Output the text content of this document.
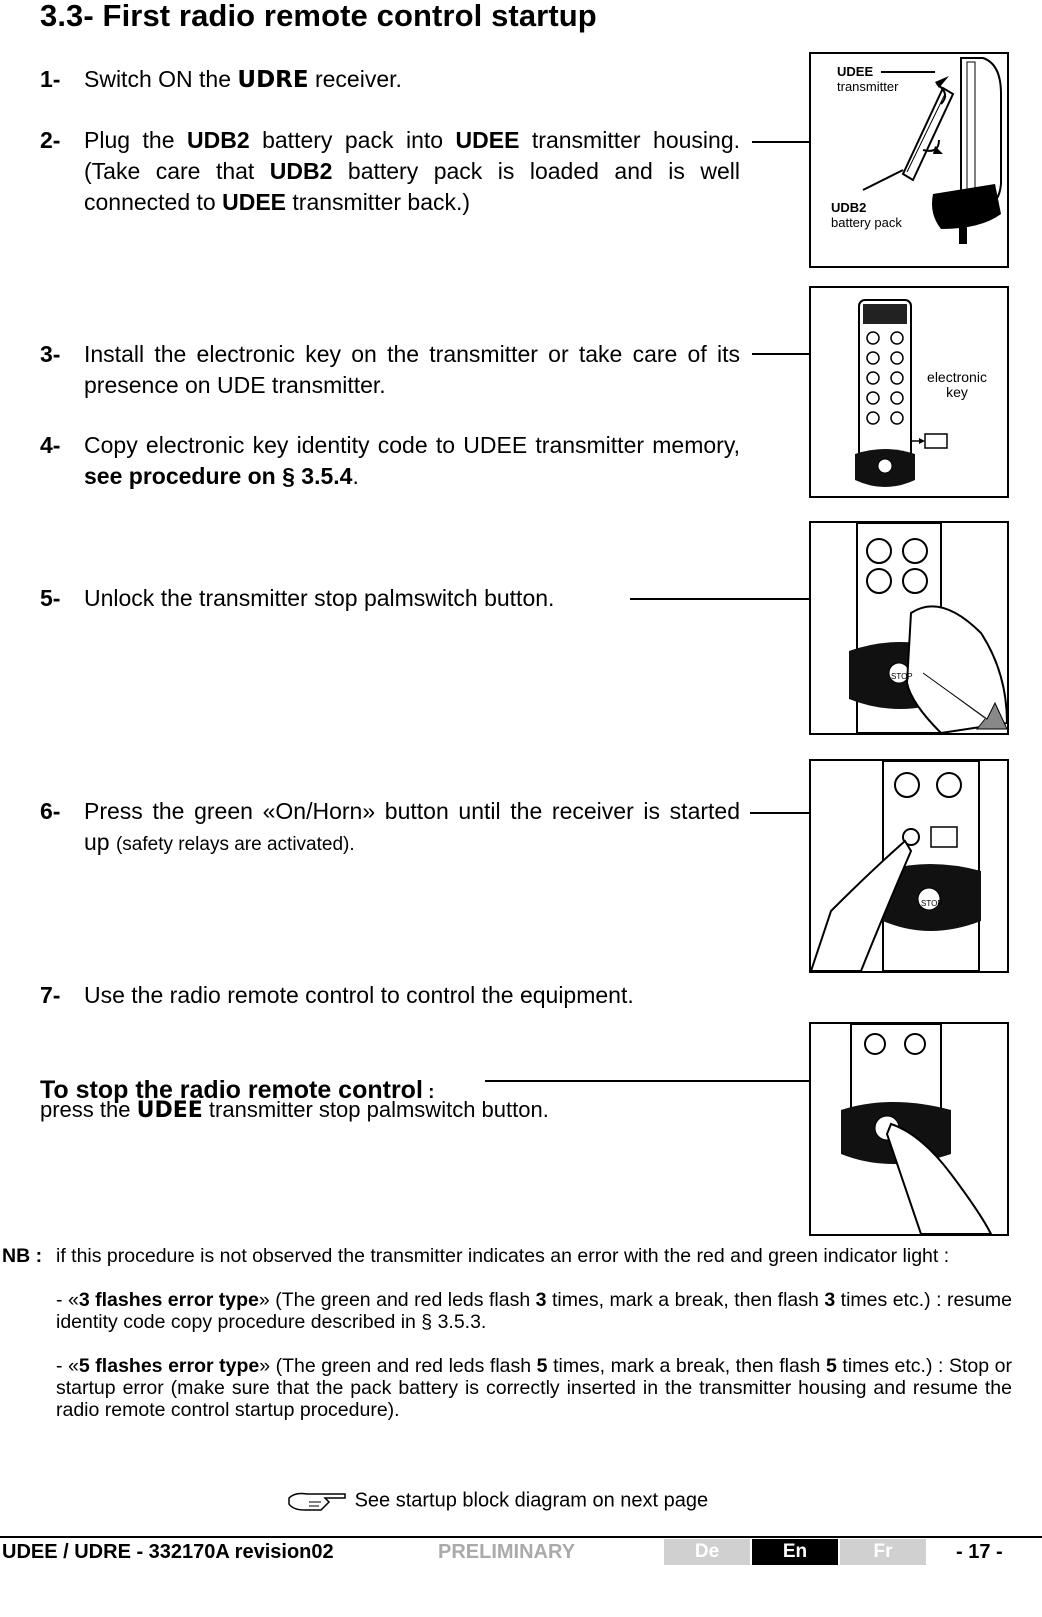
3.3- First radio remote control startup
1- Switch ON the UDRE receiver.
2- Plug the UDB2 battery pack into UDEE transmitter housing. (Take care that UDB2 battery pack is loaded and is well connected to UDEE transmitter back.)
3- Install the electronic key on the transmitter or take care of its presence on UDE transmitter.
4- Copy electronic key identity code to UDEE transmitter memory, see procedure on § 3.5.4.
5- Unlock the transmitter stop palmswitch button.
6- Press the green «On/Horn» button until the receiver is started up (safety relays are activated).
7- Use the radio remote control to control the equipment.
To stop the radio remote control :
press the UDEE transmitter stop palmswitch button.
UDEE
transmitter
UDB2
battery pack
electronic key
STOP
STOP
NB : if this procedure is not observed the transmitter indicates an error with the red and green indicator light :

- «3 flashes error type» (The green and red leds flash 3 times, mark a break, then flash 3 times etc.) : resume identity code copy procedure described in § 3.5.3.

- «5 flashes error type» (The green and red leds flash 5 times, mark a break, then flash 5 times etc.) : Stop or startup error (make sure that the pack battery is correctly inserted in the transmitter housing and resume the radio remote control startup procedure).

See startup block diagram on next page
UDEE / UDRE - 332170A revision02	PRELIMINARY	De	En	Fr	- 17 -
